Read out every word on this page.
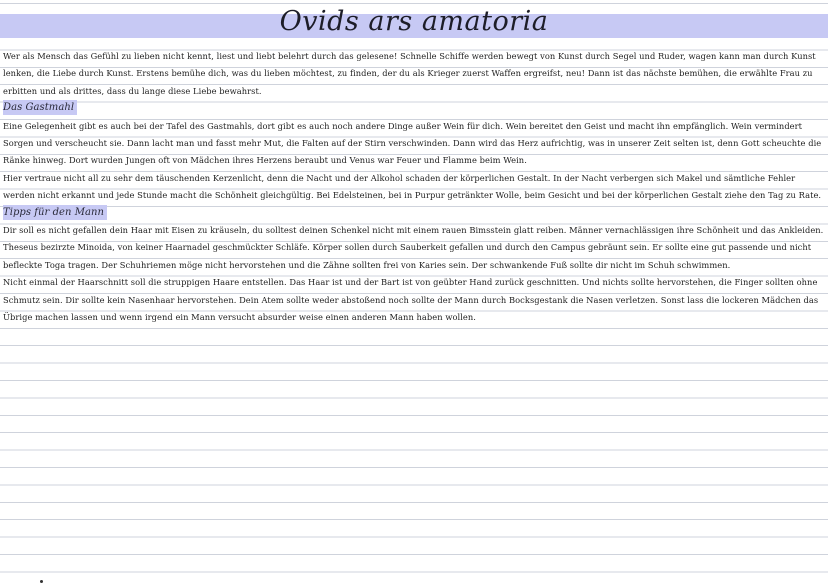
Ovids ars amatoria

Wer als Mensch das Gefühl zu lieben nicht kennt, liest und liebt belehrt durch das gelesene! Schnelle Schiffe werden bewegt von Kunst durch Segel und Ruder, wagen kann man durch Kunst lenken, die Liebe durch Kunst. Erstens bemühe dich, was du lieben möchtest, zu finden, der du als Krieger zuerst Waffen ergreifst, neu! Dann ist das nächste bemühen, die erwählte Frau zu erbitten und als drittes, dass du lange diese Liebe bewahrst.

Das Gastmahl

Eine Gelegenheit gibt es auch bei der Tafel des Gastmahls, dort gibt es auch noch andere Dinge außer Wein für dich. Wein bereitet den Geist und macht ihn empfänglich. Wein vermindert Sorgen und verscheucht sie. Dann lacht man und fasst mehr Mut, die Falten auf der Stirn verschwinden. Dann wird das Herz aufrichtig, was in unserer Zeit selten ist, denn Gott scheuchte die Ränke hinweg. Dort wurden Jungen oft von Mädchen ihres Herzens beraubt und Venus war Feuer und Flamme beim Wein.

Hier vertraue nicht all zu sehr dem täuschenden Kerzenlicht, denn die Nacht und der Alkohol schaden der körperlichen Gestalt. In der Nacht verbergen sich Makel und sämtliche Fehler werden nicht erkannt und jede Stunde macht die Schönheit gleichgültig. Bei Edelsteinen, bei in Purpur getränkter Wolle, beim Gesicht und bei der körperlichen Gestalt ziehe den Tag zu Rate.

Tipps für den Mann

Dir soll es nicht gefallen dein Haar mit Eisen zu kräuseln, du solltest deinen Schenkel nicht mit einem rauen Bimsstein glatt reiben. Männer vernachlässigen ihre Schönheit und das Ankleiden. Theseus bezirzte Minoida, von keiner Haarnadel geschmückter Schläfe. Körper sollen durch Sauberkeit gefallen und durch den Campus gebräunt sein. Er sollte eine gut passende und nicht befleckte Toga tragen. Der Schuhriemen möge nicht hervorstehen und die Zähne sollten frei von Karies sein. Der schwankende Fuß sollte dir nicht im Schuh schwimmen.

Nicht einmal der Haarschnitt soll die struppigen Haare entstellen. Das Haar ist und der Bart ist von geübter Hand zurück geschnitten. Und nichts sollte hervorstehen, die Finger sollten ohne Schmutz sein. Dir sollte kein Nasenhaar hervorstehen. Dein Atem sollte weder abstoßend noch sollte der Mann durch Bocksgestank die Nasen verletzen. Sonst lass die lockeren Mädchen das Übrige machen lassen und wenn irgend ein Mann versucht absurder weise einen anderen Mann haben wollen.
